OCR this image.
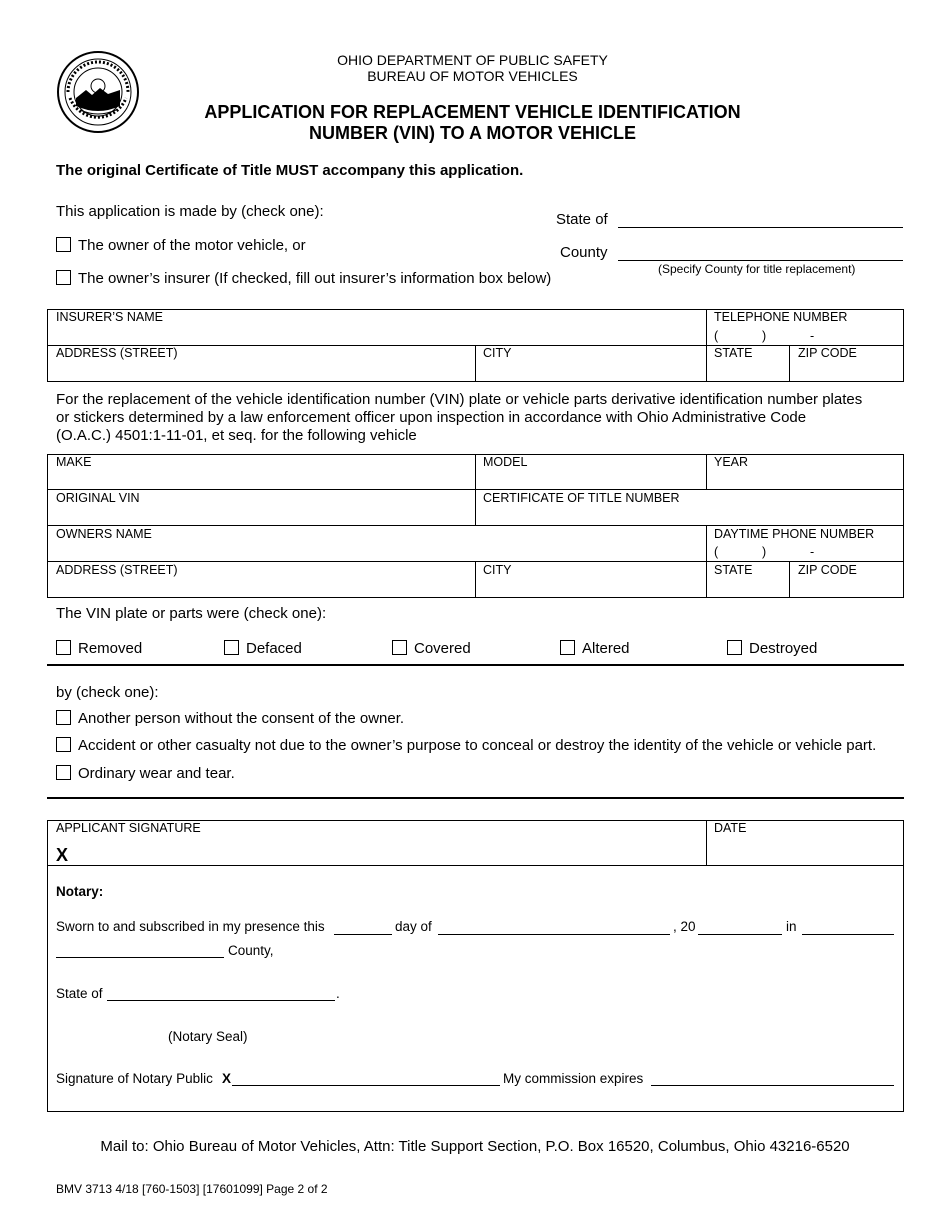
OHIO DEPARTMENT OF PUBLIC SAFETY
BUREAU OF MOTOR VEHICLES
APPLICATION FOR REPLACEMENT VEHICLE IDENTIFICATION
NUMBER (VIN) TO A MOTOR VEHICLE
The original Certificate of Title MUST accompany this application.
This application is made by (check one):
The owner of the motor vehicle, or
The owner’s insurer (If checked, fill out insurer’s information box below)
State of
County
(Specify County for title replacement)
INSURER’S NAME	TELEPHONE NUMBER
(	)	-
ADDRESS (STREET)	CITY	STATE	ZIP CODE
For the replacement of the vehicle identification number (VIN) plate or vehicle parts derivative identification number plates
or stickers determined by a law enforcement officer upon inspection in accordance with Ohio Administrative Code
(O.A.C.) 4501:1-11-01, et seq. for the following vehicle
MAKE	MODEL	YEAR
ORIGINAL VIN	CERTIFICATE OF TITLE NUMBER
OWNERS NAME	DAYTIME PHONE NUMBER
(	)	-
ADDRESS (STREET)	CITY	STATE	ZIP CODE
The VIN plate or parts were (check one):
Removed	Defaced	Covered	Altered	Destroyed
by (check one):
Another person without the consent of the owner.
Accident or other casualty not due to the owner’s purpose to conceal or destroy the identity of the vehicle or vehicle part.
Ordinary wear and tear.
APPLICANT SIGNATURE
X
DATE
Notary:
Sworn to and subscribed in my presence this	day of	, 20	in
County,
State of	.
(Notary Seal)
Signature of Notary Public X	My commission expires
Mail to: Ohio Bureau of Motor Vehicles, Attn: Title Support Section, P.O. Box 16520, Columbus, Ohio 43216-6520
BMV 3713 4/18 [760-1503] [17601099] Page 2 of 2
